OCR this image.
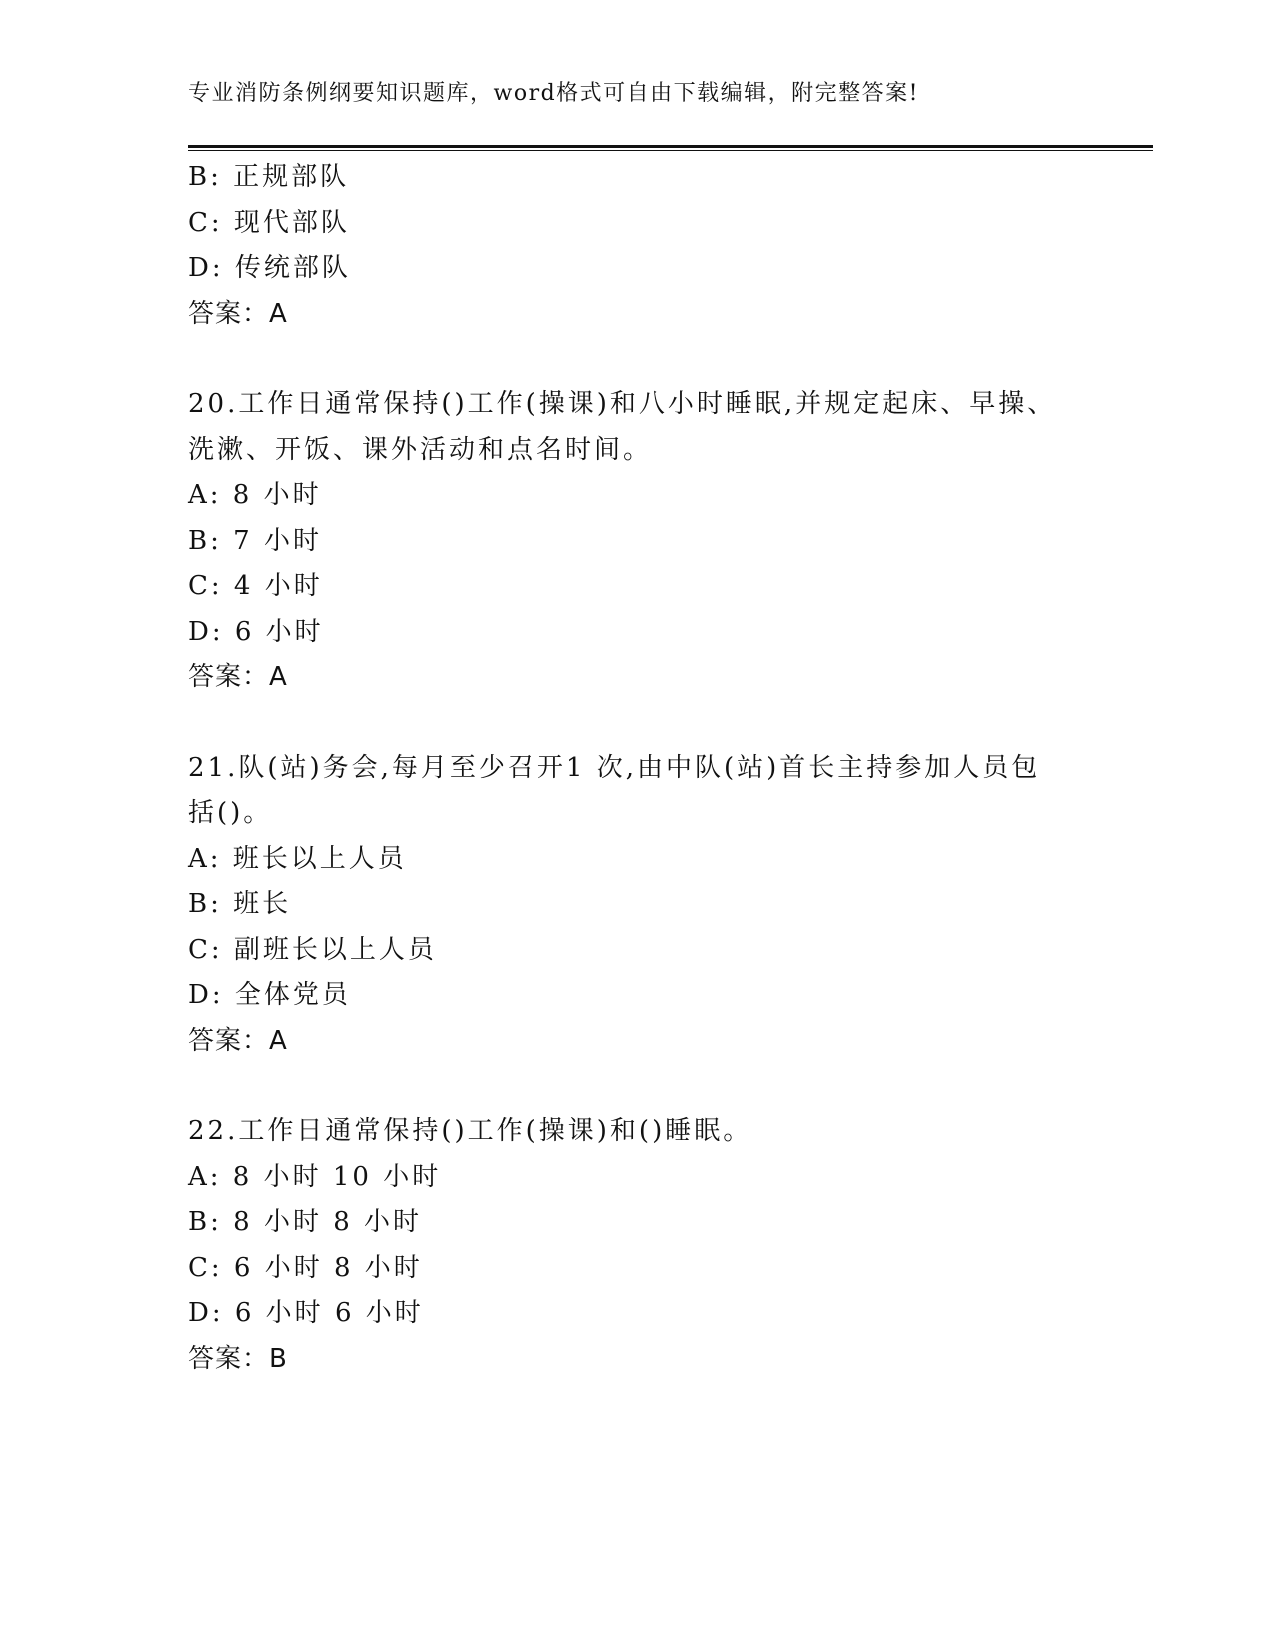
专业消防条例纲要知识题库，word格式可自由下载编辑，附完整答案!
B: 正规部队
C: 现代部队
D: 传统部队
答案：A
20.工作日通常保持()工作(操课)和八小时睡眠,并规定起床、早操、洗漱、开饭、课外活动和点名时间。
A: 8 小时
B: 7 小时
C: 4 小时
D: 6 小时
答案：A
21.队(站)务会,每月至少召开1 次,由中队(站)首长主持参加人员包括()。
A: 班长以上人员
B: 班长
C: 副班长以上人员
D: 全体党员
答案：A
22.工作日通常保持()工作(操课)和()睡眠。
A: 8 小时 10 小时
B: 8 小时 8 小时
C: 6 小时 8 小时
D: 6 小时 6 小时
答案：B
